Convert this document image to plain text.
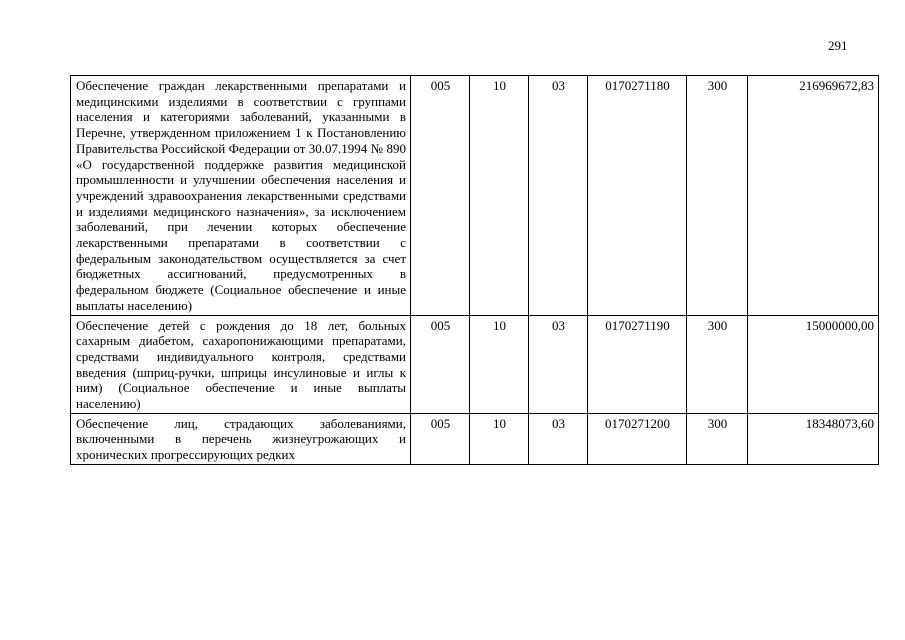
291
Обеспечение граждан лекарственными препаратами и медицинскими изделиями в соответствии с группами населения и категориями заболеваний, указанными в Перечне, утвержденном приложением 1 к Постановлению Правительства Российской Федерации от 30.07.1994 № 890 «О государственной поддержке развития медицинской промышленности и улучшении обеспечения населения и учреждений здравоохранения лекарственными средствами и изделиями медицинского назначения», за исключением заболеваний, при лечении которых обеспечение лекарственными препаратами в соответствии с федеральным законодательством осуществляется за счет бюджетных ассигнований, предусмотренных в федеральном бюджете (Социальное обеспечение и иные выплаты населению)	005	10	03	0170271180	300	216969672,83
Обеспечение детей с рождения до 18 лет, больных сахарным диабетом, сахаропонижающими препаратами, средствами индивидуального контроля, средствами введения (шприц-ручки, шприцы инсулиновые и иглы к ним) (Социальное обеспечение и иные выплаты населению)	005	10	03	0170271190	300	15000000,00

Обеспечение лиц, страдающих заболеваниями, включенными в перечень жизнеугрожающих и хронических прогрессирующих редких	005	10	03	0170271200	300	18348073,60
